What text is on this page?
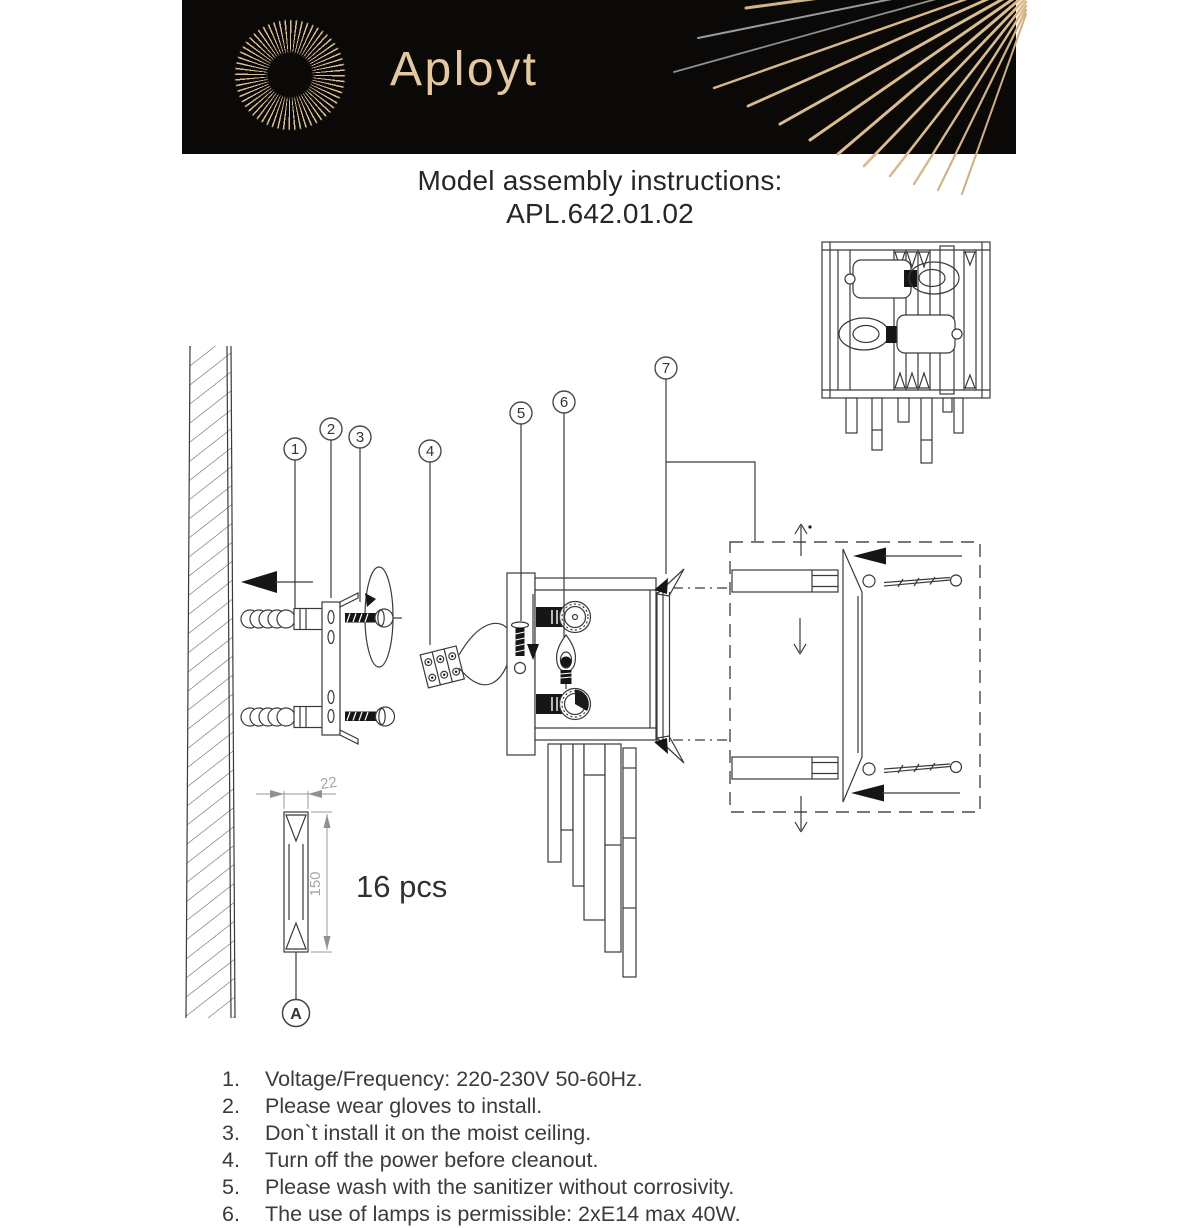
Aployt
Model assembly instructions:
APL.642.01.02
1
2 3
4
5
6
7
22
150 16 pcs
A
1.	Voltage/Frequency: 220-230V 50-60Hz.
2.	Please wear gloves to install.
3.	Don`t install it on the moist ceiling.
4.	Turn off the power before cleanout.
5.	Please wash with the sanitizer without corrosivity.
6.	The use of lamps is permissible: 2xE14 max 40W.
